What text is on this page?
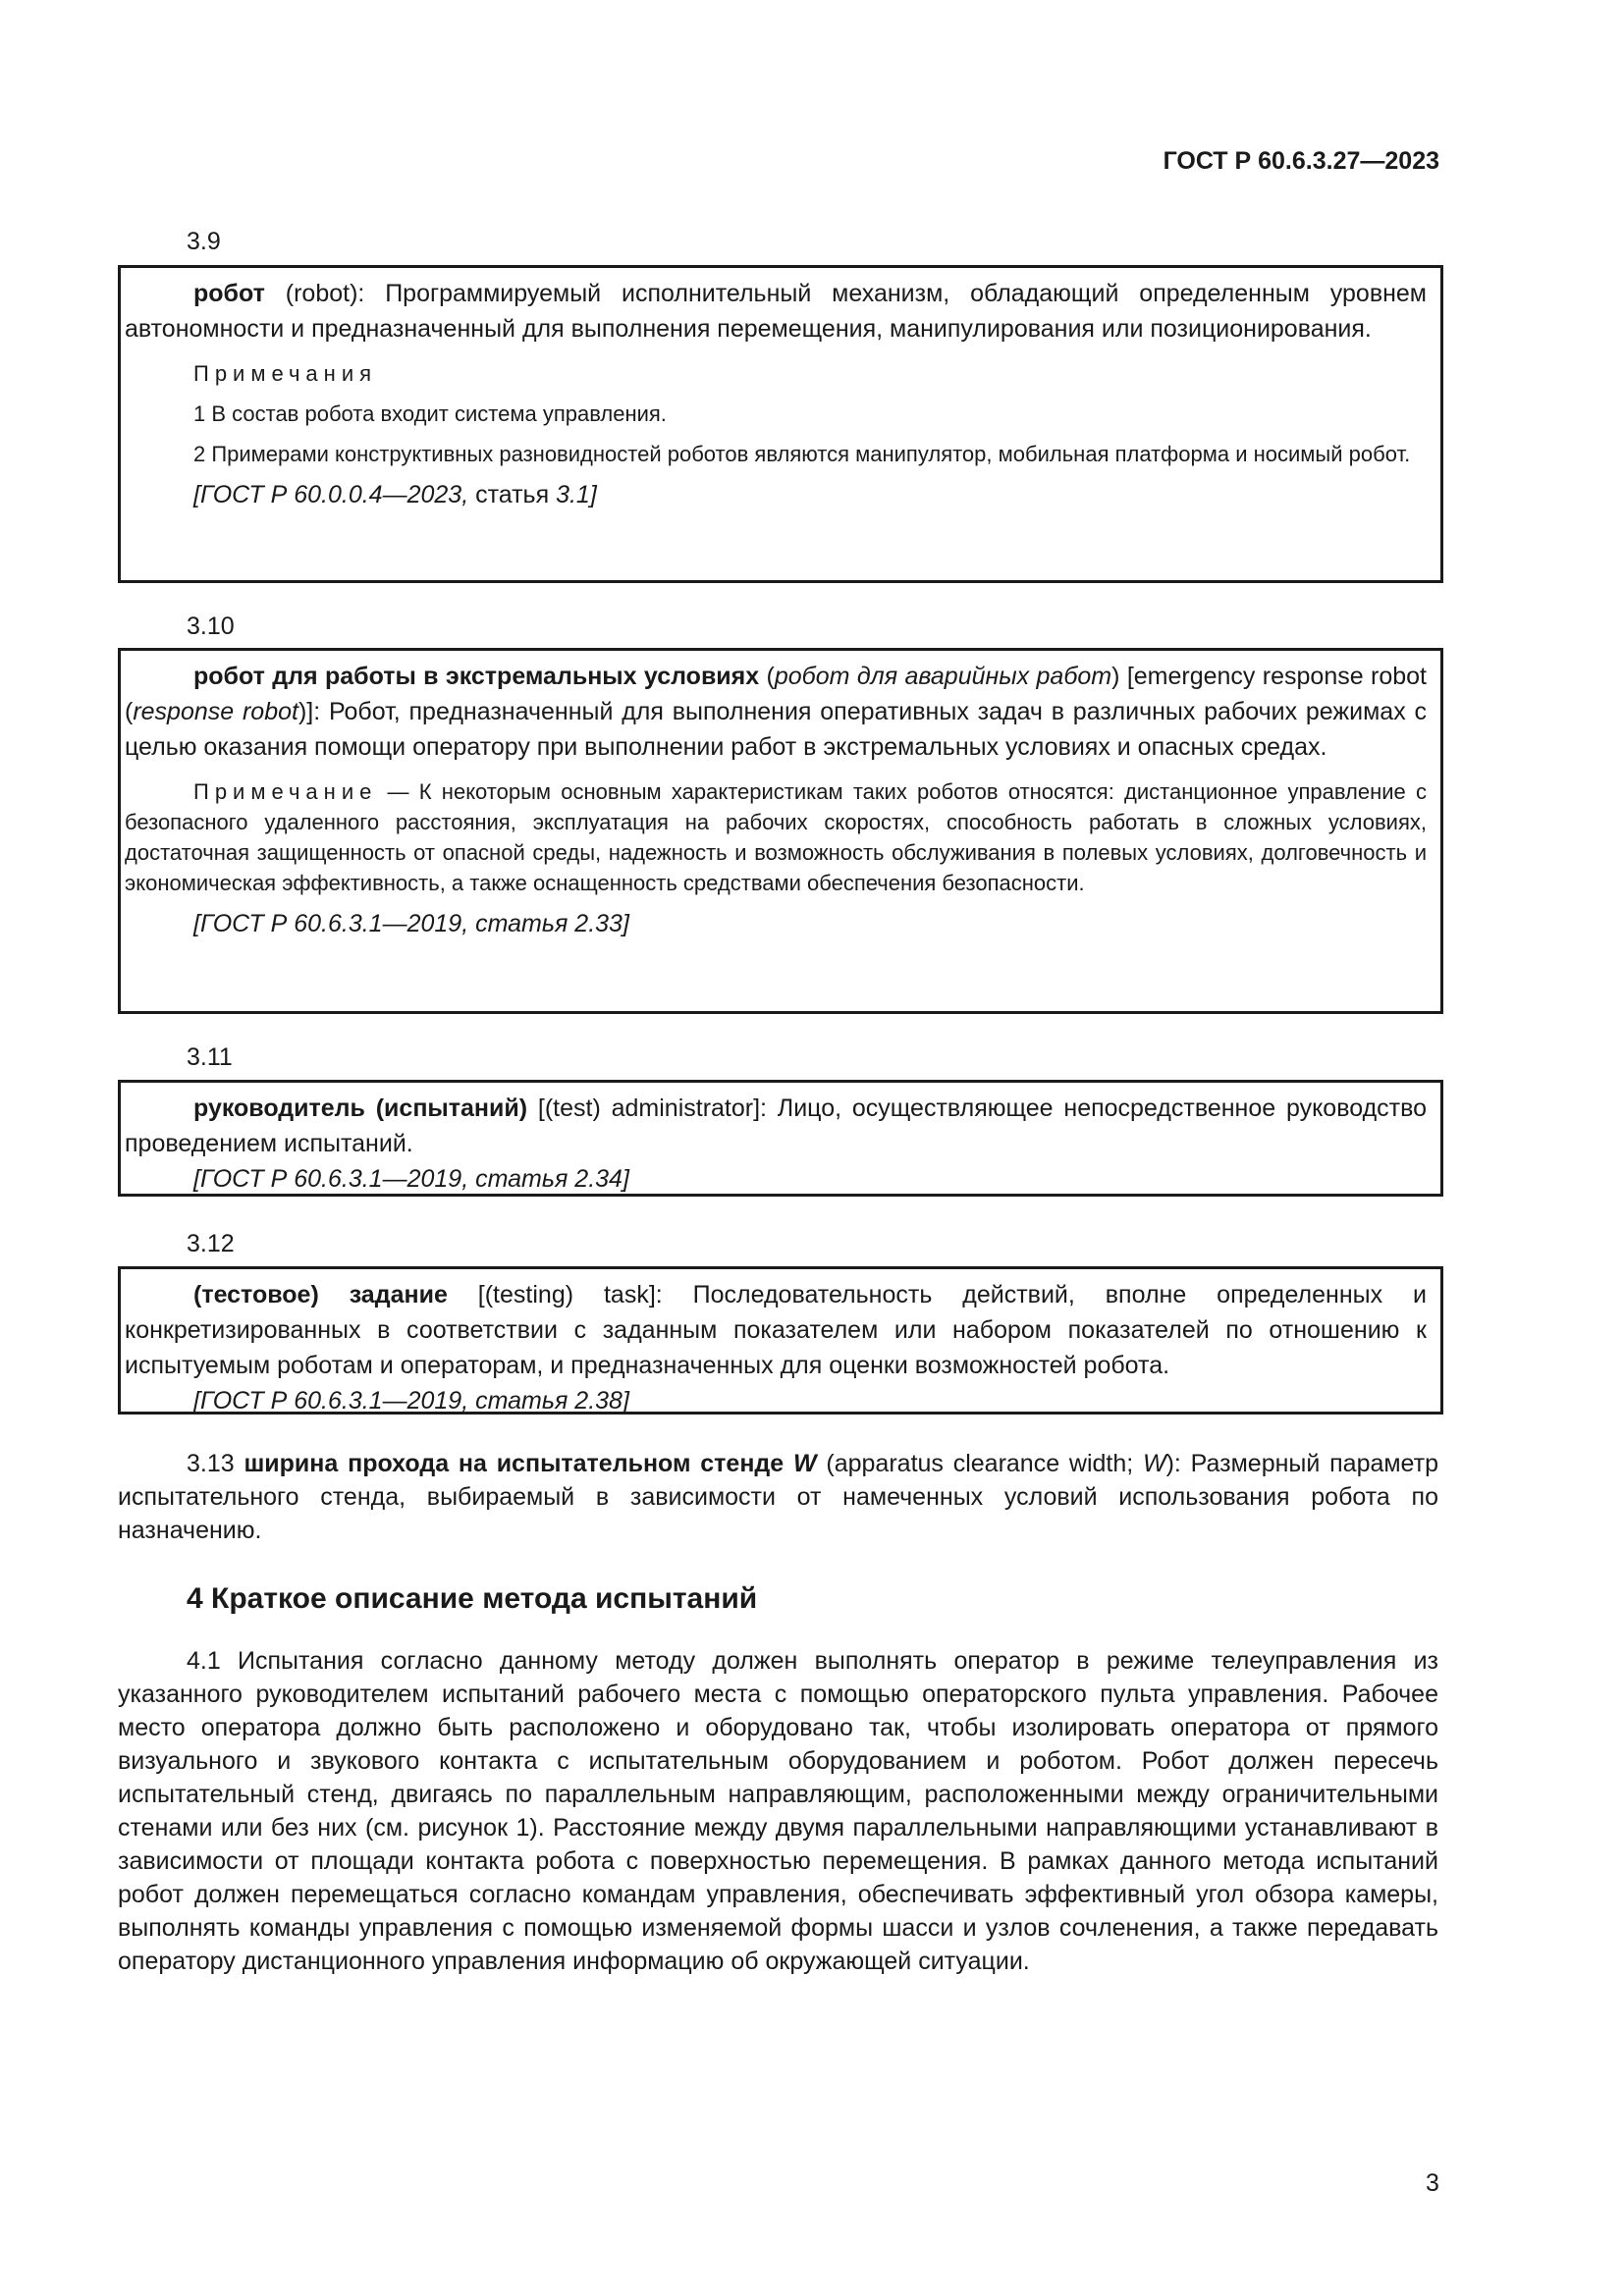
ГОСТ Р 60.6.3.27—2023
3.9

робот (robot): Программируемый исполнительный механизм, обладающий определенным уровнем автономности и предназначенный для выполнения перемещения, манипулирования или позиционирования.

Примечания

1 В состав робота входит система управления.

2 Примерами конструктивных разновидностей роботов являются манипулятор, мобильная платформа и носимый робот.

[ГОСТ Р 60.0.0.4—2023, статья 3.1]

3.10

робот для работы в экстремальных условиях (робот для аварийных работ) [emergency response robot (response robot)]: Робот, предназначенный для выполнения оперативных задач в различных рабочих режимах с целью оказания помощи оператору при выполнении работ в экстремальных условиях и опасных средах.

Примечание — К некоторым основным характеристикам таких роботов относятся: дистанционное управление с безопасного удаленного расстояния, эксплуатация на рабочих скоростях, способность работать в сложных условиях, достаточная защищенность от опасной среды, надежность и возможность обслуживания в полевых условиях, долговечность и экономическая эффективность, а также оснащенность средствами обеспечения безопасности.

[ГОСТ Р 60.6.3.1—2019, статья 2.33]

3.11

руководитель (испытаний) [(test) administrator]: Лицо, осуществляющее непосредственное руководство проведением испытаний.

[ГОСТ Р 60.6.3.1—2019, статья 2.34]

3.12

(тестовое) задание [(testing) task]: Последовательность действий, вполне определенных и конкретизированных в соответствии с заданным показателем или набором показателей по отношению к испытуемым роботам и операторам, и предназначенных для оценки возможностей робота.

[ГОСТ Р 60.6.3.1—2019, статья 2.38]

3.13 ширина прохода на испытательном стенде W (apparatus clearance width; W): Размерный параметр испытательного стенда, выбираемый в зависимости от намеченных условий использования робота по назначению.

4 Краткое описание метода испытаний

4.1 Испытания согласно данному методу должен выполнять оператор в режиме телеуправления из указанного руководителем испытаний рабочего места с помощью операторского пульта управления. Рабочее место оператора должно быть расположено и оборудовано так, чтобы изолировать оператора от прямого визуального и звукового контакта с испытательным оборудованием и роботом. Робот должен пересечь испытательный стенд, двигаясь по параллельным направляющим, расположенными между ограничительными стенами или без них (см. рисунок 1). Расстояние между двумя параллельными направляющими устанавливают в зависимости от площади контакта робота с поверхностью перемещения. В рамках данного метода испытаний робот должен перемещаться согласно командам управления, обеспечивать эффективный угол обзора камеры, выполнять команды управления с помощью изменяемой формы шасси и узлов сочленения, а также передавать оператору дистанционного управления информацию об окружающей ситуации.

3
